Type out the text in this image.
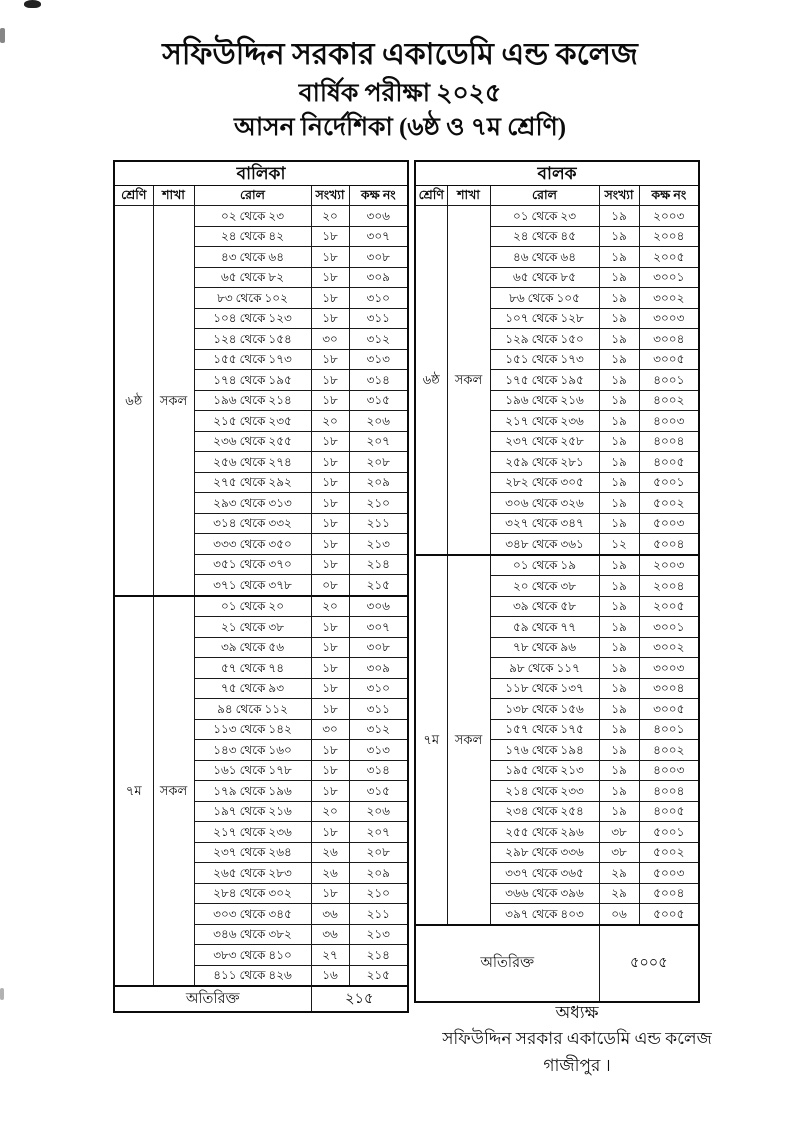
সফিউদ্দিন সরকার একাডেমি এন্ড কলেজ
বার্ষিক পরীক্ষা ২০২৫
আসন নির্দেশিকা (৬ষ্ঠ ও ৭ম শ্রেণি)
বালিকা				
শ্রেণি	শাখা	রোল	সংখ্যা	কক্ষ নং
৬ষ্ঠ	সকল	০২ থেকে ২৩	২০	৩০৬
		২৪ থেকে ৪২	১৮	৩০৭
		৪৩ থেকে ৬৪	১৮	৩০৮
		৬৫ থেকে ৮২	১৮	৩০৯
		৮৩ থেকে ১০২	১৮	৩১০
		১০৪ থেকে ১২৩	১৮	৩১১
		১২৪ থেকে ১৫৪	৩০	৩১২
		১৫৫ থেকে ১৭৩	১৮	৩১৩
		১৭৪ থেকে ১৯৫	১৮	৩১৪
		১৯৬ থেকে ২১৪	১৮	৩১৫
		২১৫ থেকে ২৩৫	২০	২০৬
		২৩৬ থেকে ২৫৫	১৮	২০৭
		২৫৬ থেকে ২৭৪	১৮	২০৮
		২৭৫ থেকে ২৯২	১৮	২০৯
		২৯৩ থেকে ৩১৩	১৮	২১০
		৩১৪ থেকে ৩৩২	১৮	২১১
		৩৩৩ থেকে ৩৫০	১৮	২১৩
		৩৫১ থেকে ৩৭০	১৮	২১৪
		৩৭১ থেকে ৩৭৮	০৮	২১৫
৭ম	সকল	০১ থেকে ২০	২০	৩০৬
		২১ থেকে ৩৮	১৮	৩০৭
		৩৯ থেকে ৫৬	১৮	৩০৮
		৫৭ থেকে ৭৪	১৮	৩০৯
		৭৫ থেকে ৯৩	১৮	৩১০
		৯৪ থেকে ১১২	১৮	৩১১
		১১৩ থেকে ১৪২	৩০	৩১২
		১৪৩ থেকে ১৬০	১৮	৩১৩
		১৬১ থেকে ১৭৮	১৮	৩১৪
		১৭৯ থেকে ১৯৬	১৮	৩১৫
		১৯৭ থেকে ২১৬	২০	২০৬
		২১৭ থেকে ২৩৬	১৮	২০৭
		২৩৭ থেকে ২৬৪	২৬	২০৮
		২৬৫ থেকে ২৮৩	২৬	২০৯
		২৮৪ থেকে ৩০২	১৮	২১০
		৩০৩ থেকে ৩৪৫	৩৬	২১১
		৩৪৬ থেকে ৩৮২	৩৬	২১৩
		৩৮৩ থেকে ৪১০	২৭	২১৪
		৪১১ থেকে ৪২৬	১৬	২১৫
অতিরিক্ত			২১৫	
বালক				
শ্রেণি	শাখা	রোল	সংখ্যা	কক্ষ নং
৬ষ্ঠ	সকল	০১ থেকে ২৩	১৯	২০০৩
		২৪ থেকে ৪৫	১৯	২০০৪
		৪৬ থেকে ৬৪	১৯	২০০৫
		৬৫ থেকে ৮৫	১৯	৩০০১
		৮৬ থেকে ১০৫	১৯	৩০০২
		১০৭ থেকে ১২৮	১৯	৩০০৩
		১২৯ থেকে ১৫০	১৯	৩০০৪
		১৫১ থেকে ১৭৩	১৯	৩০০৫
		১৭৫ থেকে ১৯৫	১৯	৪০০১
		১৯৬ থেকে ২১৬	১৯	৪০০২
		২১৭ থেকে ২৩৬	১৯	৪০০৩
		২৩৭ থেকে ২৫৮	১৯	৪০০৪
		২৫৯ থেকে ২৮১	১৯	৪০০৫
		২৮২ থেকে ৩০৫	১৯	৫০০১
		৩০৬ থেকে ৩২৬	১৯	৫০০২
		৩২৭ থেকে ৩৪৭	১৯	৫০০৩
		৩৪৮ থেকে ৩৬১	১২	৫০০৪
৭ম	সকল	০১ থেকে ১৯	১৯	২০০৩
		২০ থেকে ৩৮	১৯	২০০৪
		৩৯ থেকে ৫৮	১৯	২০০৫
		৫৯ থেকে ৭৭	১৯	৩০০১
		৭৮ থেকে ৯৬	১৯	৩০০২
		৯৮ থেকে ১১৭	১৯	৩০০৩
		১১৮ থেকে ১৩৭	১৯	৩০০৪
		১৩৮ থেকে ১৫৬	১৯	৩০০৫
		১৫৭ থেকে ১৭৫	১৯	৪০০১
		১৭৬ থেকে ১৯৪	১৯	৪০০২
		১৯৫ থেকে ২১৩	১৯	৪০০৩
		২১৪ থেকে ২৩৩	১৯	৪০০৪
		২৩৪ থেকে ২৫৪	১৯	৪০০৫
		২৫৫ থেকে ২৯৬	৩৮	৫০০১
		২৯৮ থেকে ৩৩৬	৩৮	৫০০২
		৩৩৭ থেকে ৩৬৫	২৯	৫০০৩
		৩৬৬ থেকে ৩৯৬	২৯	৫০০৪
		৩৯৭ থেকে ৪০৩	০৬	৫০০৫
অতিরিক্ত			৫০০৫	
অধ্যক্ষ
সফিউদ্দিন সরকার একাডেমি এন্ড কলেজ
গাজীপুর ।
